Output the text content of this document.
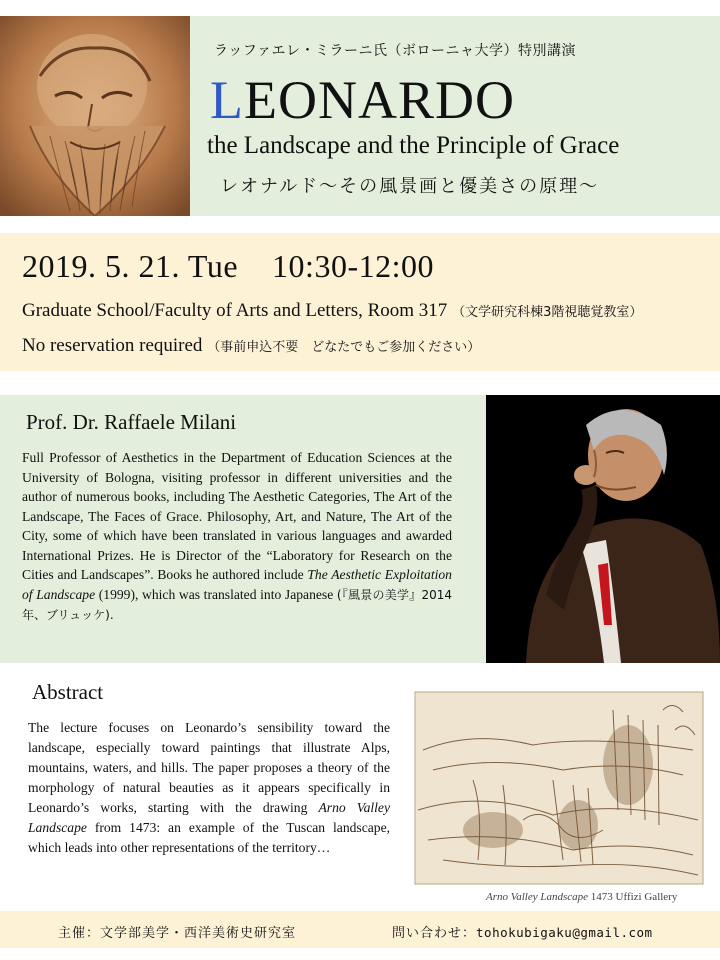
ラッファエレ・ミラーニ氏（ボローニャ大学）特別講演
LEONARDO
the Landscape and the Principle of Grace
レオナルド～その風景画と優美さの原理～
2019. 5. 21. Tue    10:30-12:00
Graduate School/Faculty of Arts and Letters, Room 317 （文学研究科棟3階視聴覚教室）
No reservation required （事前申込不要　どなたでもご参加ください）
Prof. Dr. Raffaele Milani
Full Professor of Aesthetics in the Department of Education Sciences at the University of Bologna, visiting professor in different universities and the author of numerous books, including The Aesthetic Categories, The Art of the Landscape, The Faces of Grace. Philosophy, Art, and Nature, The Art of the City, some of which have been translated in various languages and awarded International Prizes. He is Director of the “Laboratory for Research on the Cities and Landscapes”. Books he authored include The Aesthetic Exploitation of Landscape (1999), which was translated into Japanese (『風景の美学』2014年、ブリュッケ).
Abstract
The lecture focuses on Leonardo’s sensibility toward the landscape, especially toward paintings that illustrate Alps, mountains, waters, and hills. The paper proposes a theory of the morphology of natural beauties as it appears specifically in Leonardo’s works, starting with the drawing Arno Valley Landscape from 1473: an example of the Tuscan landscape, which leads into other representations of the territory…
Arno Valley Landscape 1473 Uffizi Gallery
主催：文学部美学・西洋美術史研究室	問い合わせ：tohokubigaku@gmail.com
